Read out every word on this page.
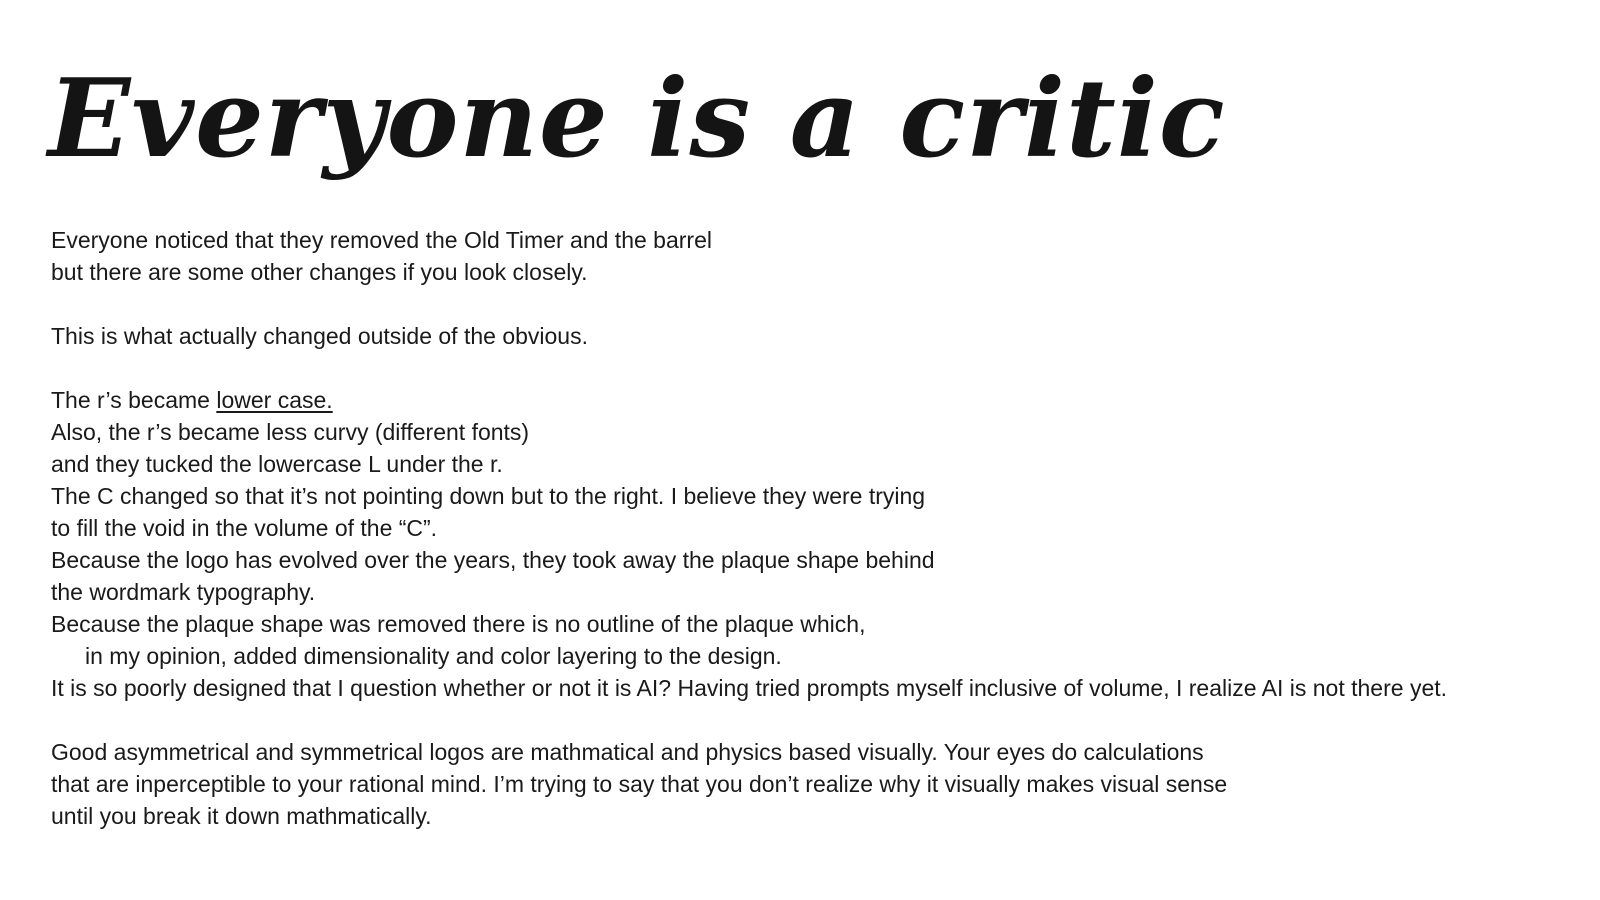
Everyone is a critic
Everyone noticed that they removed the Old Timer and the barrel
but there are some other changes if you look closely.
This is what actually changed outside of the obvious.
The r’s became lower case.
Also, the r’s became less curvy (different fonts)
and they tucked the lowercase L under the r.
The C changed so that it’s not pointing down but to the right. I believe they were trying
to fill the void in the volume of the “C”.
Because the logo has evolved over the years, they took away the plaque shape behind
the wordmark typography.
Because the plaque shape was removed there is no outline of the plaque which,
in my opinion, added dimensionality and color layering to the design.
It is so poorly designed that I question whether or not it is AI? Having tried prompts myself inclusive of volume, I realize AI is not there yet.
Good asymmetrical and symmetrical logos are mathmatical and physics based visually. Your eyes do calculations
that are inperceptible to your rational mind. I’m trying to say that you don’t realize why it visually makes visual sense
until you break it down mathmatically.
